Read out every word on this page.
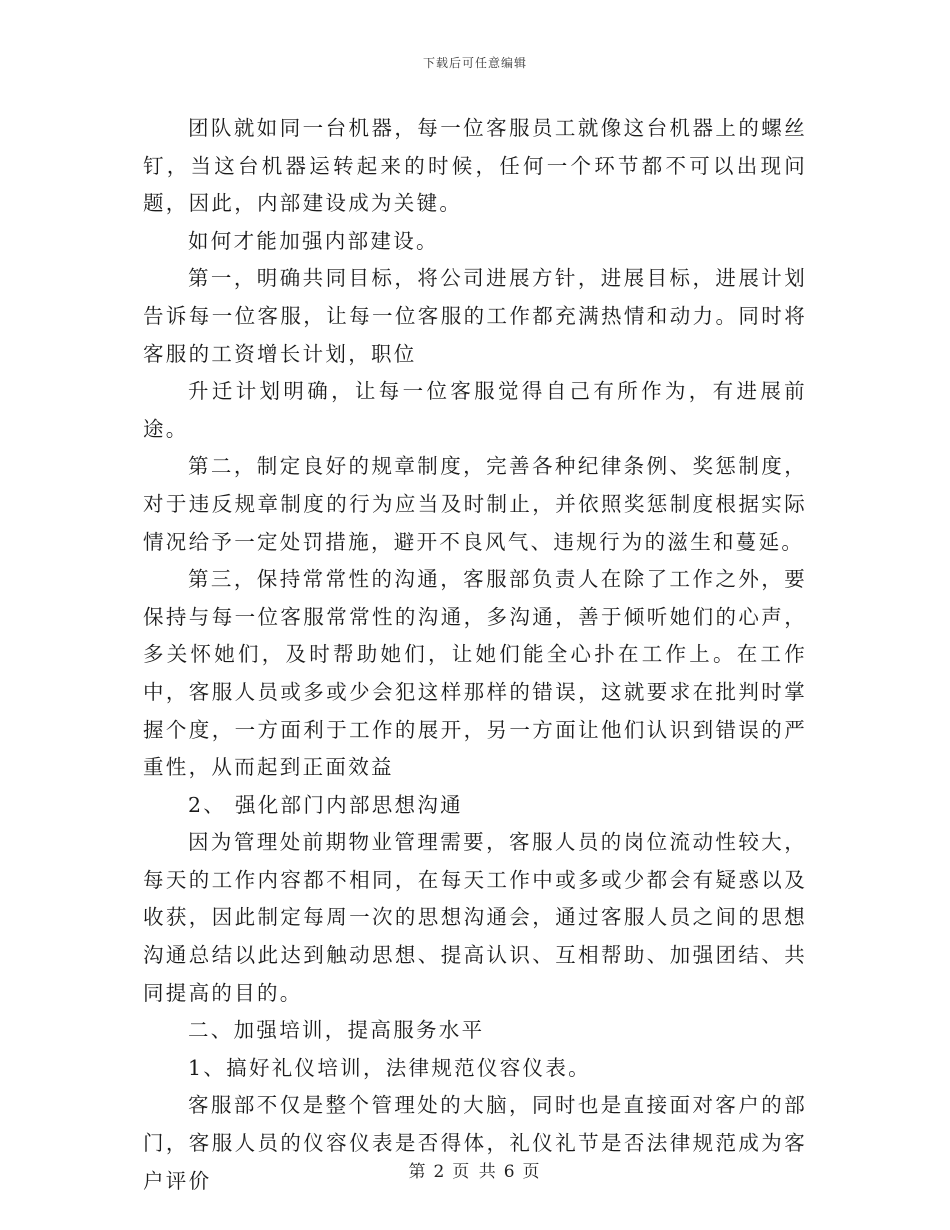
下载后可任意编辑

团队就如同一台机器，每一位客服员工就像这台机器上的螺丝钉，当这台机器运转起来的时候，任何一个环节都不可以出现问题，因此，内部建设成为关键。

如何才能加强内部建设。

第一，明确共同目标，将公司进展方针，进展目标，进展计划告诉每一位客服，让每一位客服的工作都充满热情和动力。同时将客服的工资增长计划，职位

升迁计划明确，让每一位客服觉得自己有所作为，有进展前途。

第二，制定良好的规章制度，完善各种纪律条例、奖惩制度，对于违反规章制度的行为应当及时制止，并依照奖惩制度根据实际情况给予一定处罚措施，避开不良风气、违规行为的滋生和蔓延。

第三，保持常常性的沟通，客服部负责人在除了工作之外，要保持与每一位客服常常性的沟通，多沟通，善于倾听她们的心声，多关怀她们，及时帮助她们，让她们能全心扑在工作上。在工作中，客服人员或多或少会犯这样那样的错误，这就要求在批判时掌握个度，一方面利于工作的展开，另一方面让他们认识到错误的严重性，从而起到正面效益

2、 强化部门内部思想沟通

因为管理处前期物业管理需要，客服人员的岗位流动性较大，每天的工作内容都不相同，在每天工作中或多或少都会有疑惑以及收获，因此制定每周一次的思想沟通会，通过客服人员之间的思想沟通总结以此达到触动思想、提高认识、互相帮助、加强团结、共同提高的目的。

二、加强培训，提高服务水平

1、搞好礼仪培训，法律规范仪容仪表。

客服部不仅是整个管理处的大脑，同时也是直接面对客户的部门，客服人员的仪容仪表是否得体，礼仪礼节是否法律规范成为客户评价	第 2 页 共 6 页
